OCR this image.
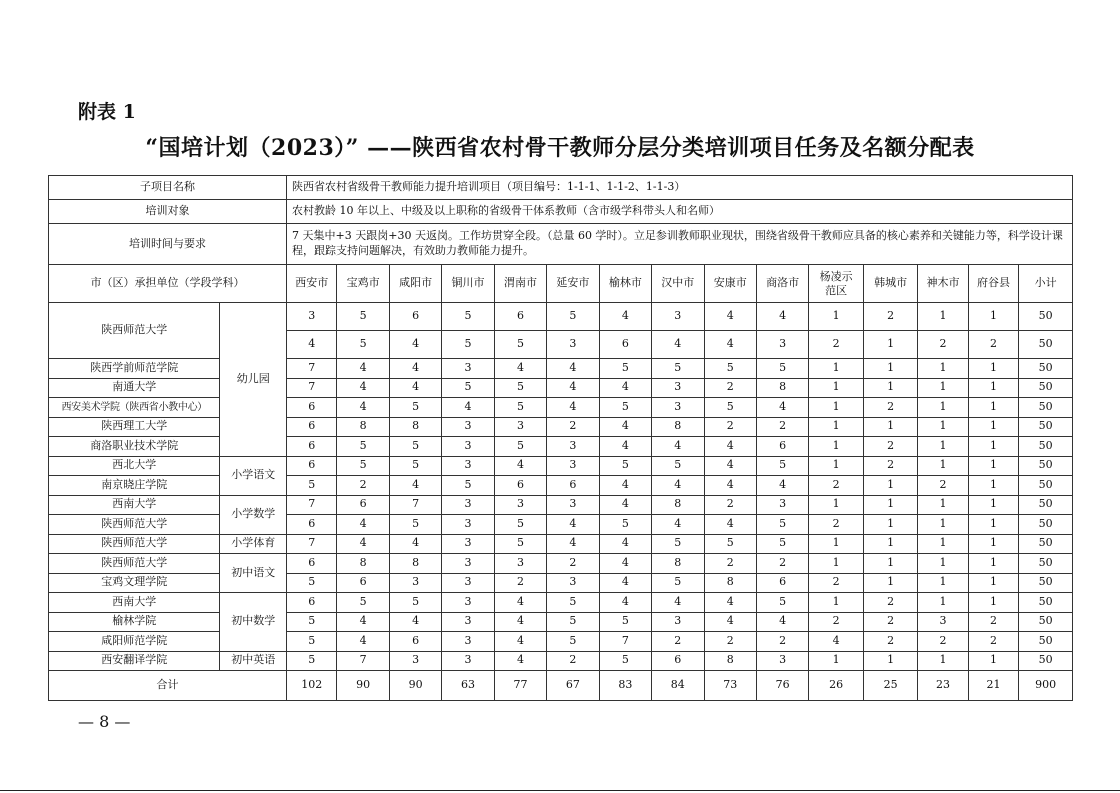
附表 1
“国培计划（2023）” ——陕西省农村骨干教师分层分类培训项目任务及名额分配表
子项目名称		陕西省农村省级骨干教师能力提升培训项目（项目编号：1-1-1、1-1-2、1-1-3）														
培训对象		农村教龄 10 年以上、中级及以上职称的省级骨干体系教师（含市级学科带头人和名师）														
培训时间与要求		7 天集中+3 天跟岗+30 天返岗。工作坊贯穿全段。（总量 60 学时）。立足参训教师职业现状，围绕省级骨干教师应具备的核心素养和关键能力等，科学设计课程，跟踪支持问题解决，有效助力教师能力提升。														
市（区）承担单位（学段学科）		西安市	宝鸡市	咸阳市	铜川市	渭南市	延安市	榆林市	汉中市	安康市	商洛市	杨凌示范区	韩城市	神木市	府谷县	小计
陕西师范大学	幼儿园	3	5	6	5	6	5	4	3	4	4	1	2	1	1	50
		4	5	4	5	5	3	6	4	4	3	2	1	2	2	50
陕西学前师范学院		7	4	4	3	4	4	5	5	5	5	1	1	1	1	50
南通大学		7	4	4	5	5	4	4	3	2	8	1	1	1	1	50
西安美术学院（陕西省小教中心）		6	4	5	4	5	4	5	3	5	4	1	2	1	1	50
陕西理工大学		6	8	8	3	3	2	4	8	2	2	1	1	1	1	50
商洛职业技术学院		6	5	5	3	5	3	4	4	4	6	1	2	1	1	50
西北大学	小学语文	6	5	5	3	4	3	5	5	4	5	1	2	1	1	50
南京晓庄学院		5	2	4	5	6	6	4	4	4	4	2	1	2	1	50
西南大学	小学数学	7	6	7	3	3	3	4	8	2	3	1	1	1	1	50
陕西师范大学		6	4	5	3	5	4	5	4	4	5	2	1	1	1	50
陕西师范大学	小学体育	7	4	4	3	5	4	4	5	5	5	1	1	1	1	50
陕西师范大学	初中语文	6	8	8	3	3	2	4	8	2	2	1	1	1	1	50
宝鸡文理学院		5	6	3	3	2	3	4	5	8	6	2	1	1	1	50
西南大学	初中数学	6	5	5	3	4	5	4	4	4	5	1	2	1	1	50
榆林学院		5	4	4	3	4	5	5	3	4	4	2	2	3	2	50
咸阳师范学院		5	4	6	3	4	5	7	2	2	2	4	2	2	2	50
西安翻译学院	初中英语	5	7	3	3	4	2	5	6	8	3	1	1	1	1	50
合计		102	90	90	63	77	67	83	84	73	76	26	25	23	21	900
— 8 —
